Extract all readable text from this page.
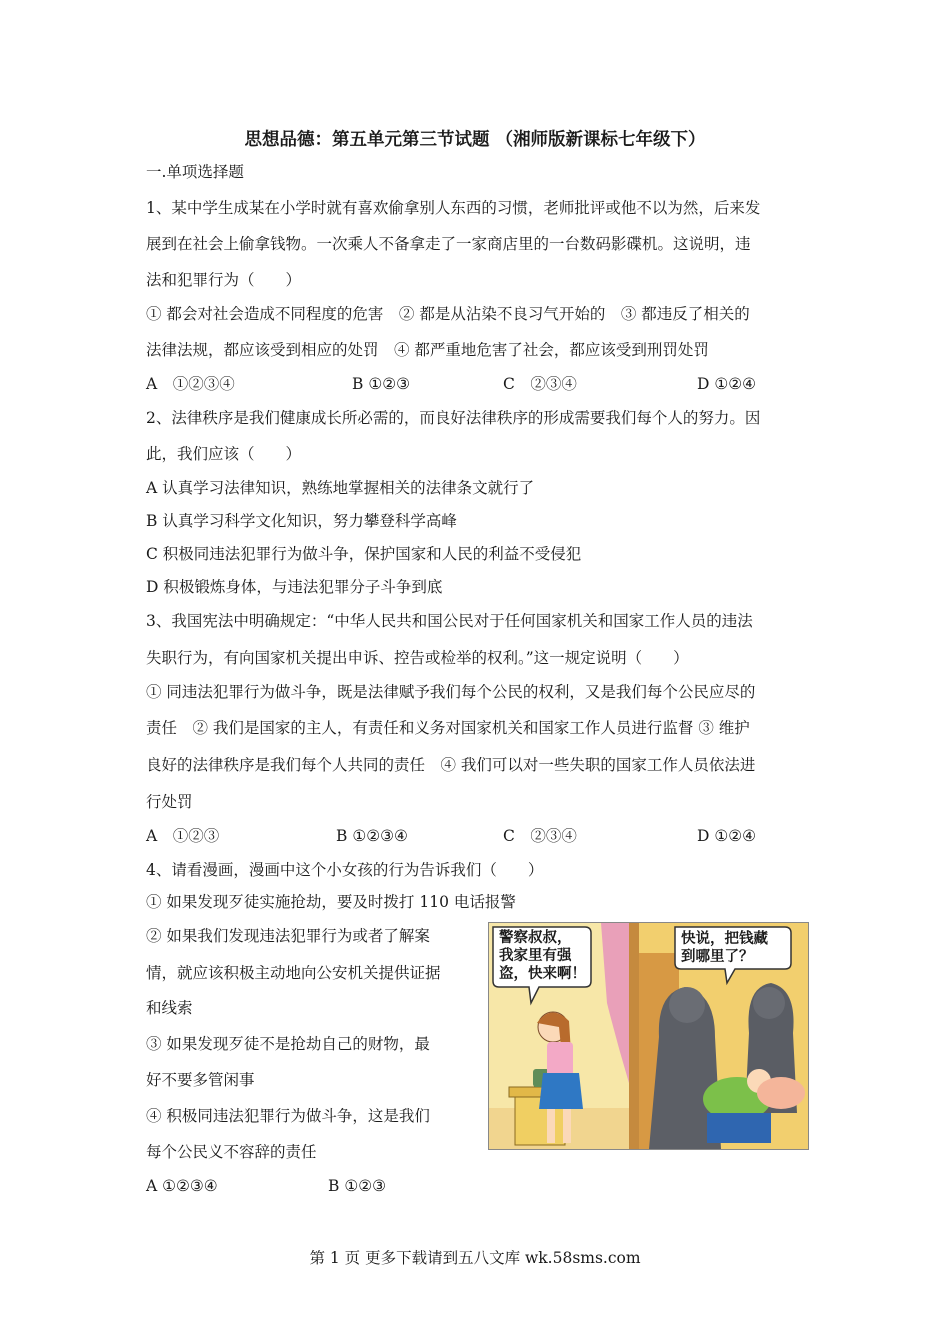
思想品德：第五单元第三节试题 （湘师版新课标七年级下）
一.单项选择题
1、某中学生成某在小学时就有喜欢偷拿别人东西的习惯，老师批评或他不以为然，后来发
展到在社会上偷拿钱物。一次乘人不备拿走了一家商店里的一台数码影碟机。这说明，违
法和犯罪行为（　　）
① 都会对社会造成不同程度的危害　② 都是从沾染不良习气开始的　③ 都违反了相关的
法律法规，都应该受到相应的处罚　④ 都严重地危害了社会，都应该受到刑罚处罚
A　①②③④	B ①②③	C　②③④	D ①②④
2、法律秩序是我们健康成长所必需的，而良好法律秩序的形成需要我们每个人的努力。因
此，我们应该（　　）
A 认真学习法律知识，熟练地掌握相关的法律条文就行了
B 认真学习科学文化知识，努力攀登科学高峰
C 积极同违法犯罪行为做斗争，保护国家和人民的利益不受侵犯
D 积极锻炼身体，与违法犯罪分子斗争到底
3、我国宪法中明确规定：“中华人民共和国公民对于任何国家机关和国家工作人员的违法
失职行为，有向国家机关提出申诉、控告或检举的权利。”这一规定说明（　　）
① 同违法犯罪行为做斗争，既是法律赋予我们每个公民的权利，又是我们每个公民应尽的
责任　② 我们是国家的主人，有责任和义务对国家机关和国家工作人员进行监督 ③ 维护
良好的法律秩序是我们每个人共同的责任　④ 我们可以对一些失职的国家工作人员依法进
行处罚
A　①②③	B ①②③④	C　②③④	D ①②④
4、请看漫画，漫画中这个小女孩的行为告诉我们（　　）
① 如果发现歹徒实施抢劫，要及时拨打 110 电话报警
② 如果我们发现违法犯罪行为或者了解案
情，就应该积极主动地向公安机关提供证据
和线索
③ 如果发现歹徒不是抢劫自己的财物，最
好不要多管闲事
④ 积极同违法犯罪行为做斗争，这是我们
每个公民义不容辞的责任
A ①②③④	B ①②③
警察叔叔，
我家里有强
盗，快来啊！
快说，把钱藏
到哪里了？
第 1 页 更多下载请到五八文库 wk.58sms.com
